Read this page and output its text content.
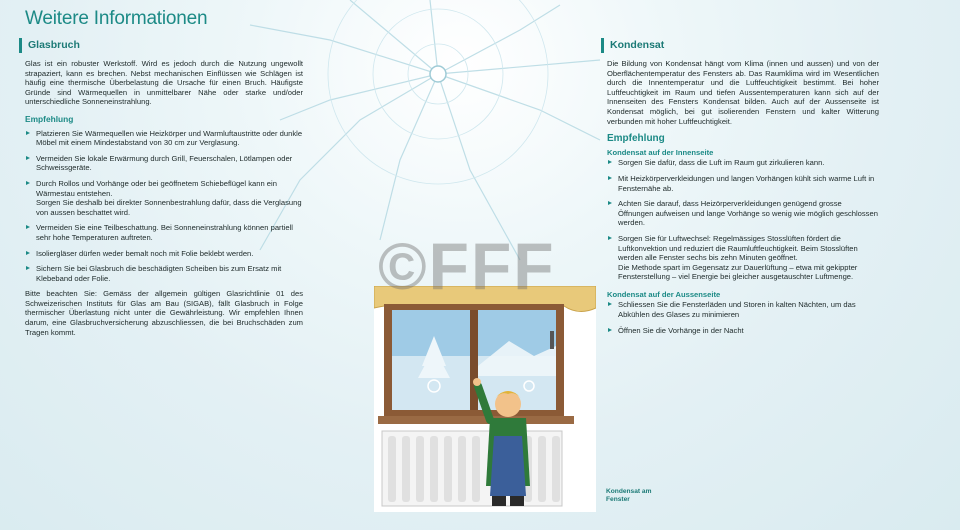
Weitere Informationen
Glasbruch

Glas ist ein robuster Werkstoff. Wird es jedoch durch die Nutzung ungewollt strapaziert, kann es brechen. Nebst mechanischen Einflüssen wie Schlägen ist häufig eine thermische Überbelastung die Ursache für einen Bruch. Häufigste Gründe sind Wärmequellen in unmittelbarer Nähe oder starke und/oder unterschiedliche Sonneneinstrahlung.

Empfehlung
Platzieren Sie Wärmequellen wie Heizkörper und Warmluftaustritte oder dunkle Möbel mit einem Mindestabstand von 30 cm zur Verglasung.
Vermeiden Sie lokale Erwärmung durch Grill, Feuerschalen, Lötlampen oder Schweissgeräte.
Durch Rollos und Vorhänge oder bei geöffnetem Schiebeflügel kann ein Wärmestau entstehen.
Sorgen Sie deshalb bei direkter Sonnenbestrahlung dafür, dass die Verglasung von aussen beschattet wird.
Vermeiden Sie eine Teilbeschattung. Bei Sonneneinstrahlung können partiell sehr hohe Temperaturen auftreten.
Isoliergläser dürfen weder bemalt noch mit Folie beklebt werden.
Sichern Sie bei Glasbruch die beschädigten Scheiben bis zum Ersatz mit Klebeband oder Folie.

Bitte beachten Sie: Gemäss der allgemein gültigen Glasrichtlinie 01 des Schweizerischen Instituts für Glas am Bau (SIGAB), fällt Glasbruch in Folge thermischer Überlastung nicht unter die Gewährleistung. Wir empfehlen Ihnen darum, eine Glasbruchversicherung abzuschliessen, die bei Bruchschäden zum Tragen kommt.

Kondensat

Die Bildung von Kondensat hängt vom Klima (innen und aussen) und von der Oberflächentemperatur des Fensters ab. Das Raumklima wird im Wesentlichen durch die Innentemperatur und die Luftfeuchtigkeit bestimmt. Bei hoher Luftfeuchtigkeit im Raum und tiefen Aussentemperaturen kann sich auf der Innenseiten des Fensters Kondensat bilden. Auch auf der Aussenseite ist Kondensat möglich, bei gut isolierenden Fenstern und kalter Witterung verbunden mit hoher Luftfeuchtigkeit.

Empfehlung
Kondensat auf der Innenseite
Sorgen Sie dafür, dass die Luft im Raum gut zirkulieren kann.
Mit Heizkörperverkleidungen und langen Vorhängen kühlt sich warme Luft in Fensternähe ab.
Achten Sie darauf, dass Heizörperverkleidungen genügend grosse Öffnungen aufweisen und lange Vorhänge so wenig wie möglich geschlossen werden.
Sorgen Sie für Luftwechsel: Regelmässiges Stosslüften fördert die Luftkonvektion und reduziert die Raumluftfeuchtigkeit. Beim Stosslüften werden alle Fenster sechs bis zehn Minuten geöffnet.
Die Methode spart im Gegensatz zur Dauerlüftung – etwa mit gekippter Fensterstellung – viel Energie bei gleicher ausgetauschter Luftmenge.
Kondensat auf der Aussenseite
Schliessen Sie die Fensterläden und Storen in kalten Nächten, um das Abkühlen des Glases zu minimieren
Öffnen Sie die Vorhänge in der Nacht
©FFF
Kondensat am Fenster
